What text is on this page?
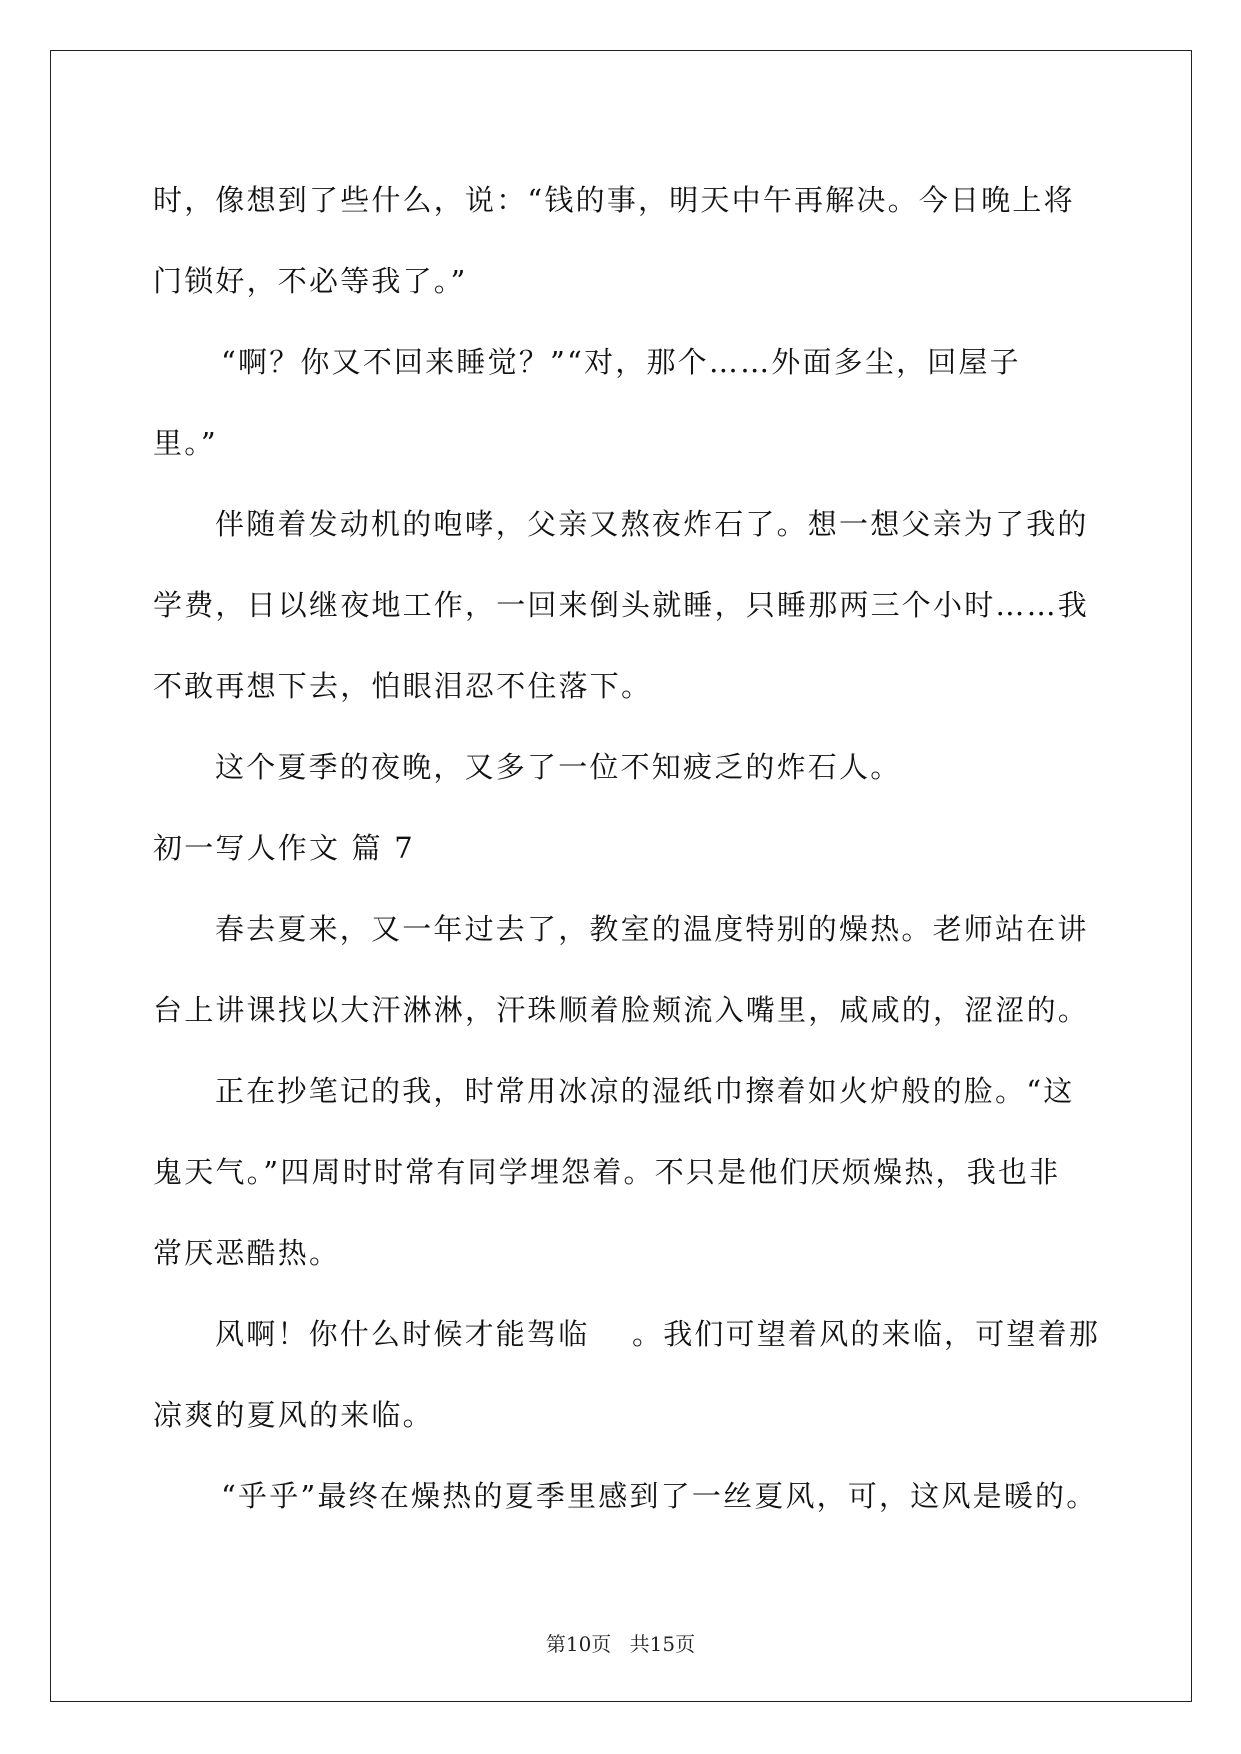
时，像想到了些什么，说：“钱的事，明天中午再解决。今日晚上将
门锁好，不必等我了。”
“啊？你又不回来睡觉？”“对，那个……外面多尘，回屋子
里。”
伴随着发动机的咆哮，父亲又熬夜炸石了。想一想父亲为了我的
学费，日以继夜地工作，一回来倒头就睡，只睡那两三个小时……我
不敢再想下去，怕眼泪忍不住落下。
这个夏季的夜晚，又多了一位不知疲乏的炸石人。
初一写人作文 篇 7
春去夏来，又一年过去了，教室的温度特别的燥热。老师站在讲
台上讲课找以大汗淋淋，汗珠顺着脸颊流入嘴里，咸咸的，涩涩的。
正在抄笔记的我，时常用冰凉的湿纸巾擦着如火炉般的脸。“这
鬼天气。”四周时时常有同学埋怨着。不只是他们厌烦燥热，我也非
常厌恶酷热。
风啊！你什么时候才能驾临　 。我们可望着风的来临，可望着那
凉爽的夏风的来临。
“乎乎”最终在燥热的夏季里感到了一丝夏风，可，这风是暖的。
第10页 共15页
